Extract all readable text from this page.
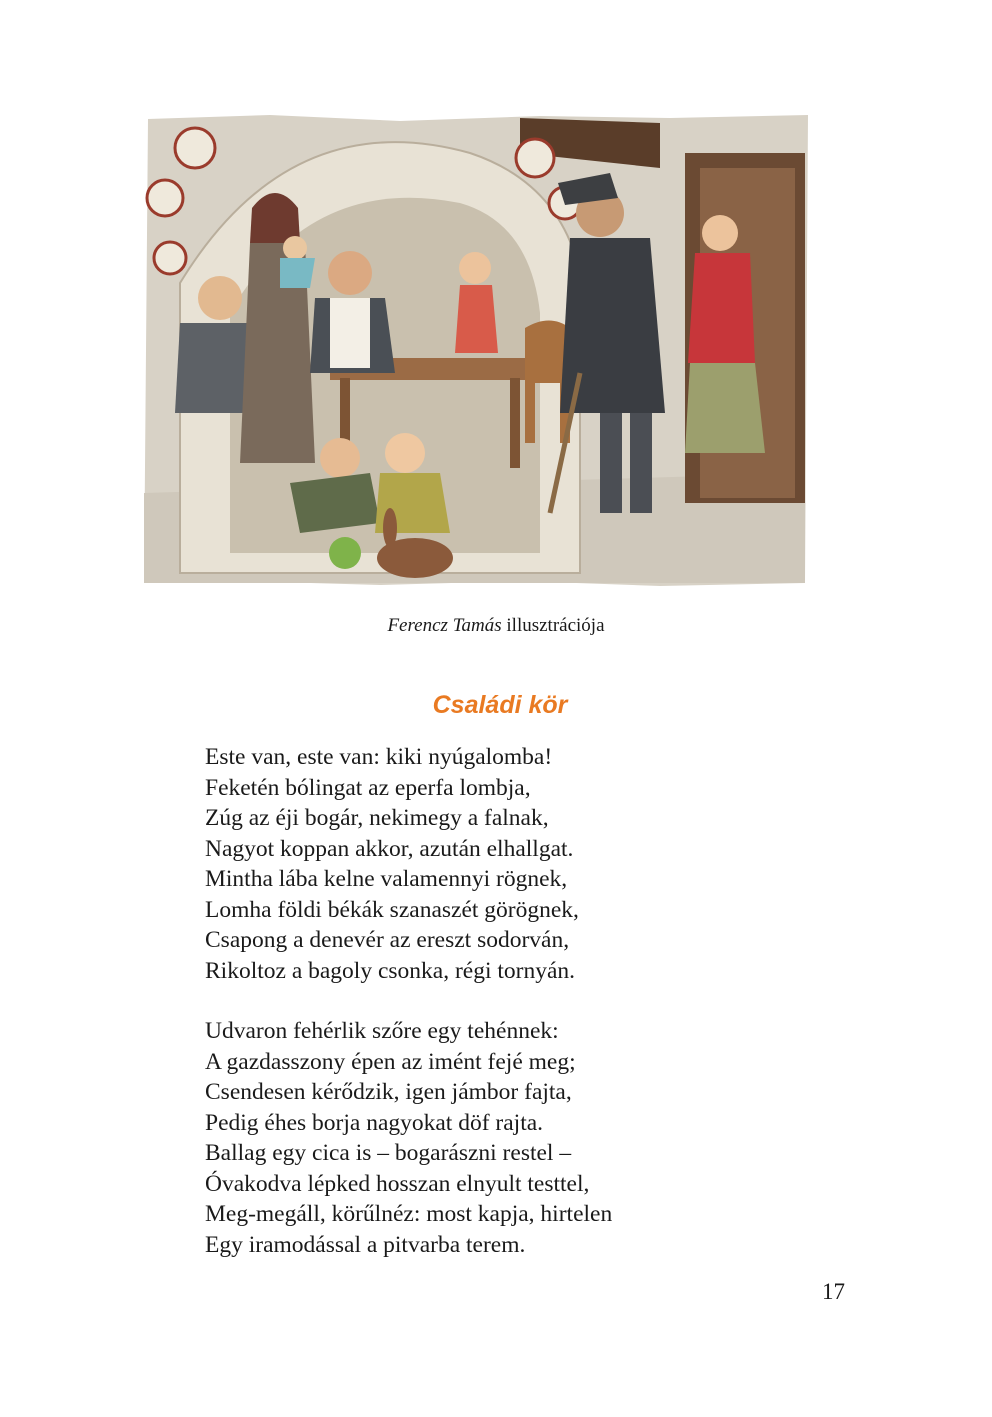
Ferencz Tamás illusztrációja
Családi kör
Este van, este van: kiki nyúgalomba!
Feketén bólingat az eperfa lombja,
Zúg az éji bogár, nekimegy a falnak,
Nagyot koppan akkor, azután elhallgat.
Mintha lába kelne valamennyi rögnek,
Lomha földi békák szanaszét görögnek,
Csapong a denevér az ereszt sodorván,
Rikoltoz a bagoly csonka, régi tornyán.
Udvaron fehérlik szőre egy tehénnek:
A gazdasszony épen az imént fejé meg;
Csendesen kérődzik, igen jámbor fajta,
Pedig éhes borja nagyokat döf rajta.
Ballag egy cica is – bogarászni restel –
Óvakodva lépked hosszan elnyult testtel,
Meg-megáll, körűlnéz: most kapja, hirtelen
Egy iramodással a pitvarba terem.
17
